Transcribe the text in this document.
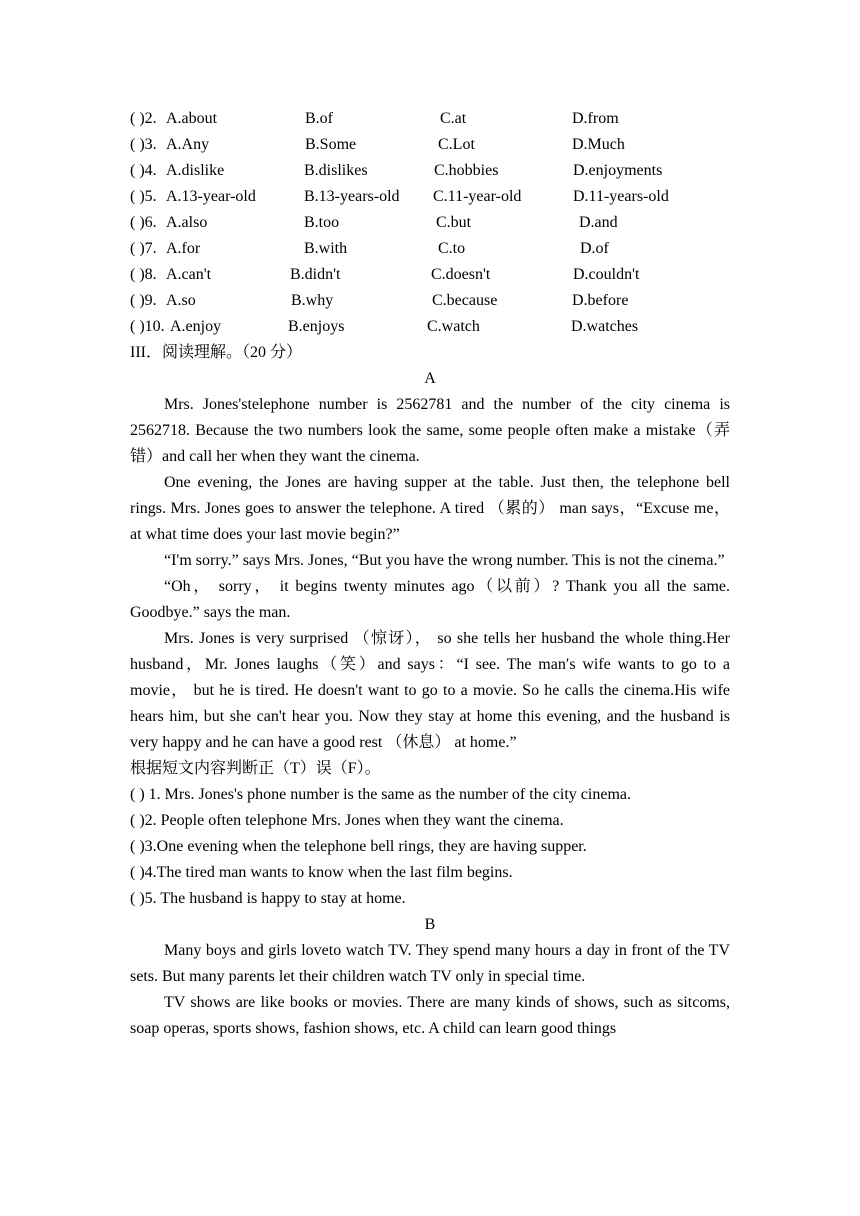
( )2. A.about	B.of	C.at	D.from
( )3. A.Any	B.Some	C.Lot	D.Much
( )4. A.dislike	B.dislikes	C.hobbies	D.enjoyments
( )5. A.13-year-old	B.13-years-old C.11-year-old	D.11-years-old
( )6. A.also	B.too	C.but	D.and
( )7. A.for	B.with	C.to	D.of
( )8. A.can't	B.didn't	C.doesn't	D.couldn't
( )9. A.so	B.why	C.because	D.before
( )10. A.enjoy	B.enjoys	C.watch	D.watches
III．阅读理解。（20 分）
A
Mrs. Jones'stelephone number is 2562781 and the number of the city cinema is 2562718. Because the two numbers look the same, some people often make a mistake（弄错）and call her when they want the cinema.
One evening, the Jones are having supper at the table. Just then, the telephone bell rings. Mrs. Jones goes to answer the telephone. A tired （累的） man says，“Excuse me， at what time does your last movie begin?”
“I'm sorry.” says Mrs. Jones, “But you have the wrong number. This is not the cinema.”
“Oh， sorry， it begins twenty minutes ago（以前）? Thank you all the same. Goodbye.” says the man.
Mrs. Jones is very surprised （惊讶）， so she tells her husband the whole thing.Her husband，Mr. Jones laughs（笑）and says：“I see. The man′s wife wants to go to a movie， but he is tired. He doesn't want to go to a movie. So he calls the cinema.His wife hears him, but she can't hear you. Now they stay at home this evening, and the husband is very happy and he can have a good rest （休息） at home.”
根据短文内容判断正（T）误（F）。
( ) 1. Mrs. Jones's phone number is the same as the number of the city cinema.
( )2. People often telephone Mrs. Jones when they want the cinema.
( )3.One evening when the telephone bell rings, they are having supper.
( )4.The tired man wants to know when the last film begins.
( )5. The husband is happy to stay at home.
B
Many boys and girls loveto watch TV. They spend many hours a day in front of the TV sets. But many parents let their children watch TV only in special time.
TV shows are like books or movies. There are many kinds of shows, such as sitcoms, soap operas, sports shows, fashion shows, etc. A child can learn good things
